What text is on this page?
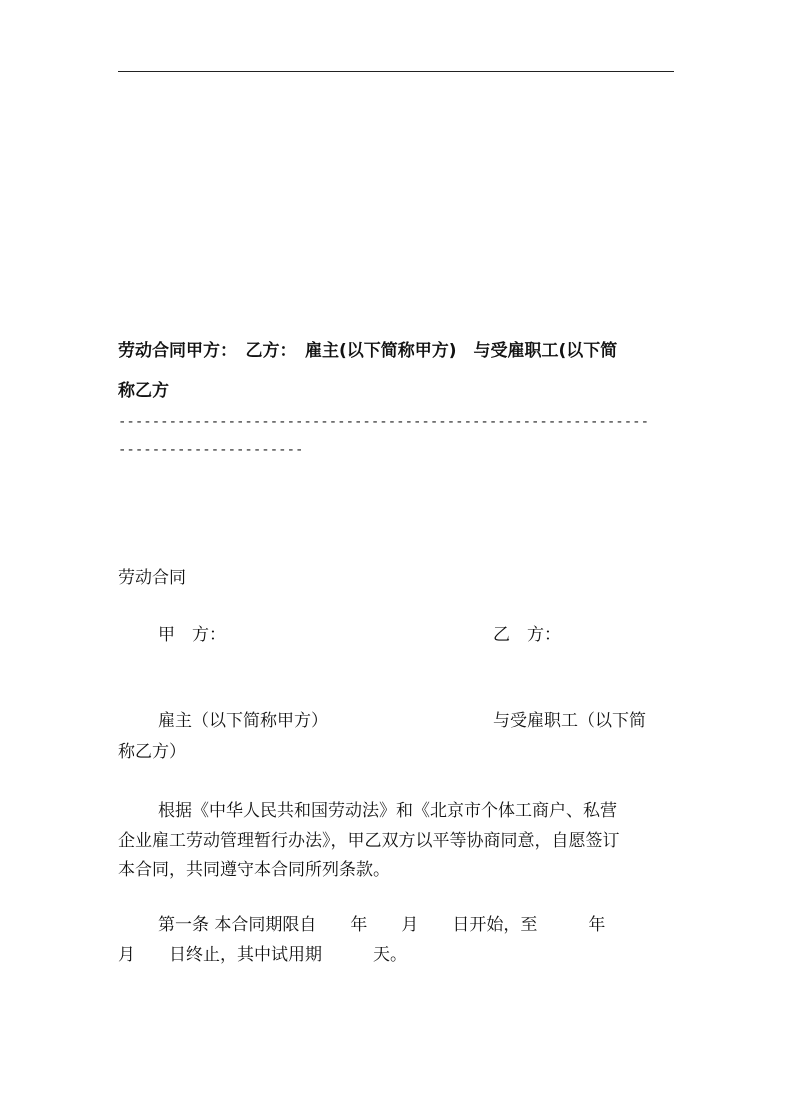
劳动合同甲方：　乙方：　雇主(以下简称甲方)　与受雇职工(以下简
称乙方
---------------------------------------------------------------
----------------------
劳动合同
甲　方：	乙　方：
雇主（以下简称甲方）	与受雇职工（以下简
称乙方）
根据《中华人民共和国劳动法》和《北京市个体工商户、私营
企业雇工劳动管理暂行办法》，甲乙双方以平等协商同意，自愿签订
本合同，共同遵守本合同所列条款。
第一条 本合同期限自　　年　　月　　日开始，至　　　年
月　　日终止，其中试用期　　　天。
